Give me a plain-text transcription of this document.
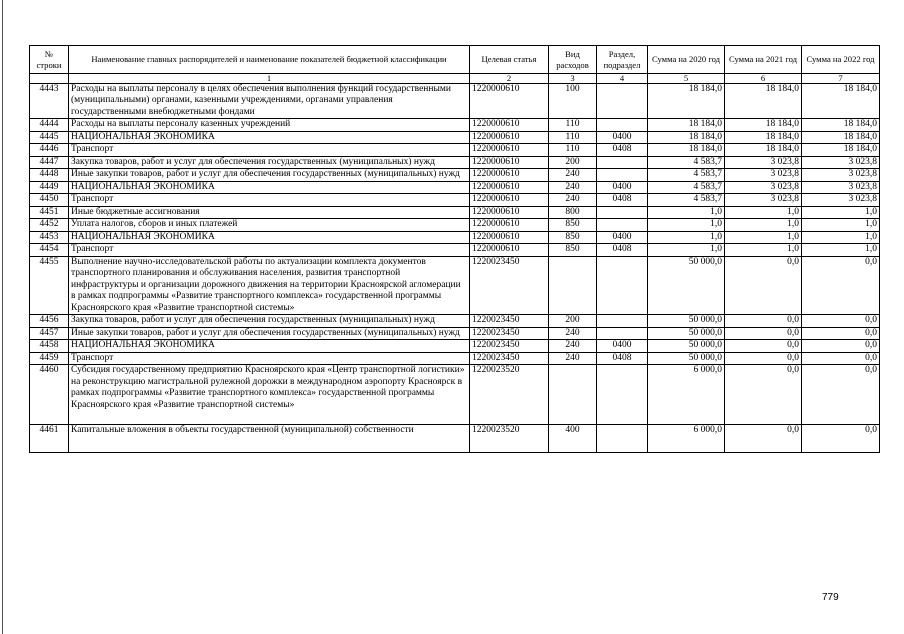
№ строки	Наименование главных распорядителей и наименование показателей бюджетной классификации	Целевая статья	Вид расходов	Раздел, подраздел	Сумма на 2020 год	Сумма на 2021 год	Сумма на 2022 год
	1	2	3	4	5	6	7
4443	Расходы на выплаты персоналу в целях обеспечения выполнения функций государственными (муниципальными) органами, казенными учреждениями, органами управления государственными внебюджетными фондами	1220000610	100		18 184,0	18 184,0	18 184,0
4444	Расходы на выплаты персоналу казенных учреждений	1220000610	110		18 184,0	18 184,0	18 184,0
4445	НАЦИОНАЛЬНАЯ ЭКОНОМИКА	1220000610	110	0400	18 184,0	18 184,0	18 184,0
4446	Транспорт	1220000610	110	0408	18 184,0	18 184,0	18 184,0
4447	Закупка товаров, работ и услуг для обеспечения государственных (муниципальных) нужд	1220000610	200		4 583,7	3 023,8	3 023,8
4448	Иные закупки товаров, работ и услуг для обеспечения государственных (муниципальных) нужд	1220000610	240		4 583,7	3 023,8	3 023,8
4449	НАЦИОНАЛЬНАЯ ЭКОНОМИКА	1220000610	240	0400	4 583,7	3 023,8	3 023,8
4450	Транспорт	1220000610	240	0408	4 583,7	3 023,8	3 023,8
4451	Иные бюджетные ассигнования	1220000610	800		1,0	1,0	1,0
4452	Уплата налогов, сборов и иных платежей	1220000610	850		1,0	1,0	1,0
4453	НАЦИОНАЛЬНАЯ ЭКОНОМИКА	1220000610	850	0400	1,0	1,0	1,0
4454	Транспорт	1220000610	850	0408	1,0	1,0	1,0
4455	Выполнение научно-исследовательской работы по актуализации комплекта документов транспортного планирования и обслуживания населения, развития транспортной инфраструктуры и организации дорожного движения на территории Красноярской агломерации в рамках подпрограммы «Развитие транспортного комплекса» государственной программы Красноярского края «Развитие транспортной системы»	1220023450			50 000,0	0,0	0,0
4456	Закупка товаров, работ и услуг для обеспечения государственных (муниципальных) нужд	1220023450	200		50 000,0	0,0	0,0
4457	Иные закупки товаров, работ и услуг для обеспечения государственных (муниципальных) нужд	1220023450	240		50 000,0	0,0	0,0
4458	НАЦИОНАЛЬНАЯ ЭКОНОМИКА	1220023450	240	0400	50 000,0	0,0	0,0
4459	Транспорт	1220023450	240	0408	50 000,0	0,0	0,0
4460	Субсидия государственному предприятию Красноярского края «Центр транспортной логистики» на реконструкцию магистральной рулежной дорожки в международном аэропорту Красноярск в рамках подпрограммы «Развитие транспортного комплекса» государственной программы Красноярского края «Развитие транспортной системы»	1220023520			6 000,0	0,0	0,0
4461	Капитальные вложения в объекты государственной (муниципальной) собственности	1220023520	400		6 000,0	0,0	0,0
779
